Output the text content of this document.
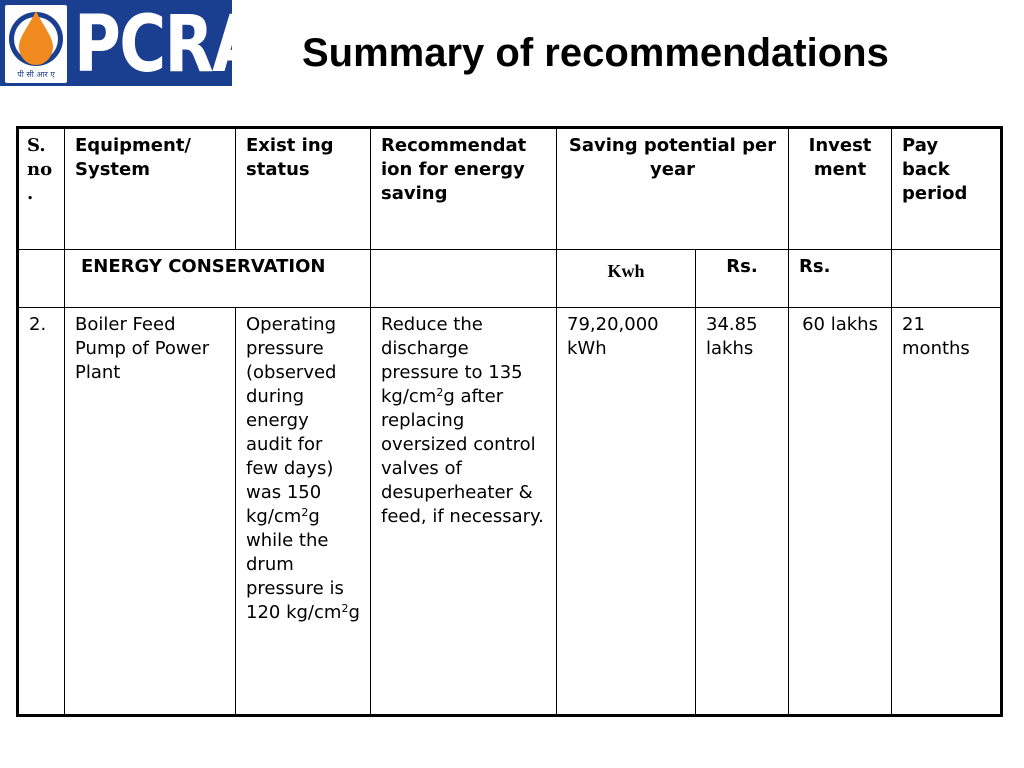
पी सी आर ए PCRA Summary of recommendations
S. no .	Equipment/ System	Exist ing status	Recommendat ion for energy saving	Saving potential per year		Invest ment	Pay back period
	ENERGY CONSERVATION			Kwh	Rs.	Rs.	
2.	Boiler Feed Pump of Power Plant	Operating pressure (observed during energy audit for few days) was 150 $kg/cm^2g$ while the drum pressure is 120 $kg/cm^2g$	Reduce the discharge pressure to 135 $kg/cm^2g$ after replacing oversized control valves of desuperheater & feed, if necessary.	79,20,000 kWh	34.85 lakhs	60 lakhs	21 months
